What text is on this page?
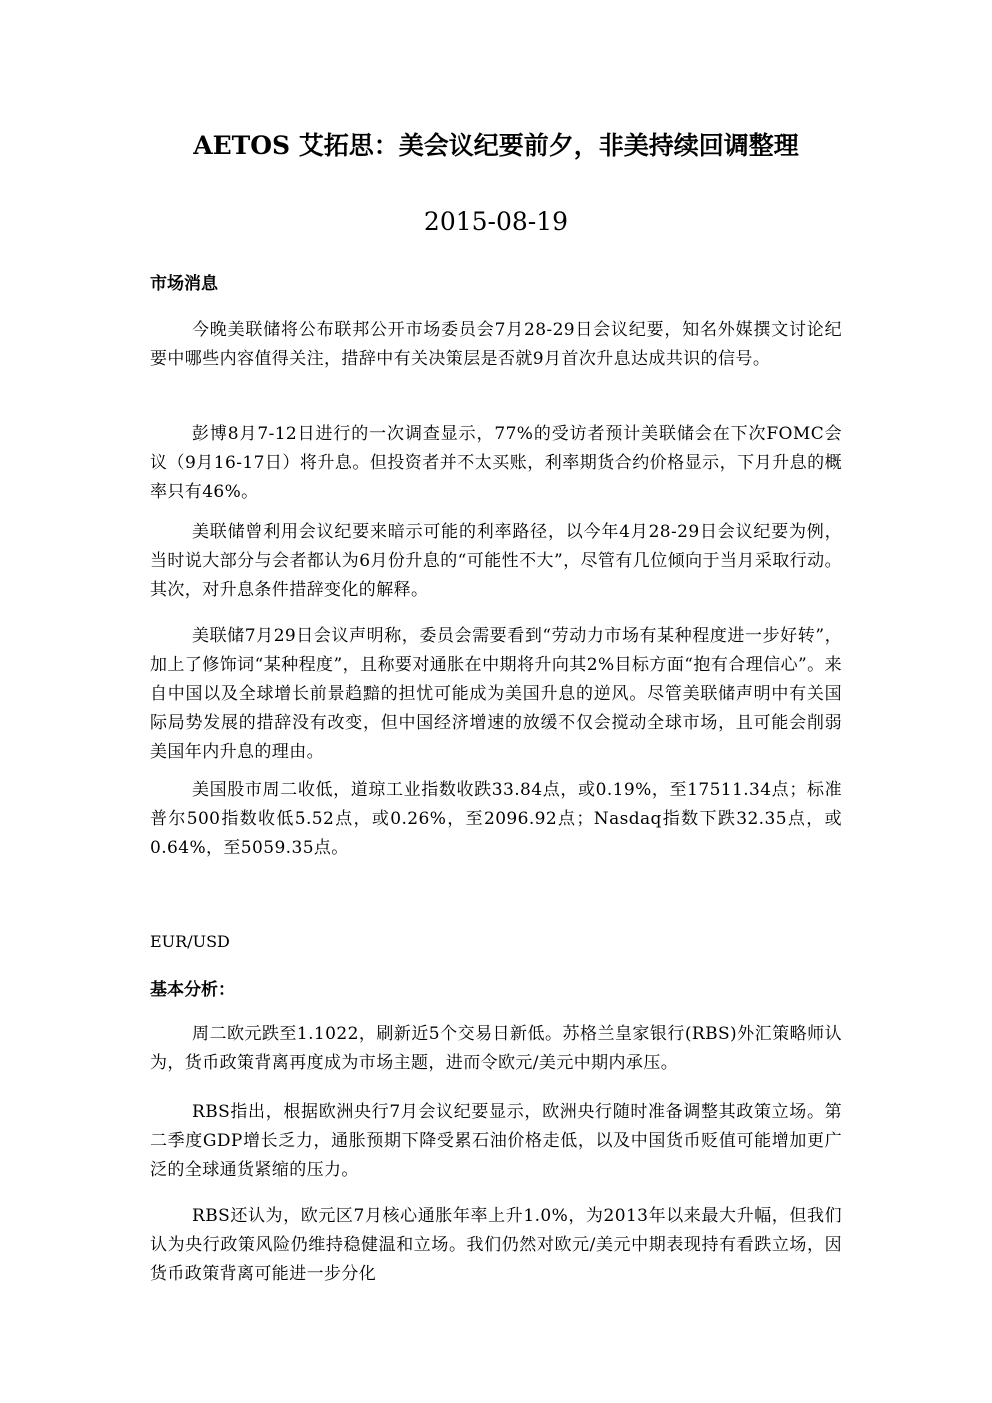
AETOS 艾拓思：美会议纪要前夕，非美持续回调整理
2015-08-19
市场消息

今晚美联储将公布联邦公开市场委员会7月28-29日会议纪要，知名外媒撰文讨论纪要中哪些内容值得关注，措辞中有关决策层是否就9月首次升息达成共识的信号。

彭博8月7-12日进行的一次调查显示，77%的受访者预计美联储会在下次FOMC会议（9月16-17日）将升息。但投资者并不太买账，利率期货合约价格显示，下月升息的概率只有46%。

美联储曾利用会议纪要来暗示可能的利率路径，以今年4月28-29日会议纪要为例，当时说大部分与会者都认为6月份升息的“可能性不大”，尽管有几位倾向于当月采取行动。其次，对升息条件措辞变化的解释。

美联储7月29日会议声明称，委员会需要看到“劳动力市场有某种程度进一步好转”，加上了修饰词“某种程度”，且称要对通胀在中期将升向其2%目标方面“抱有合理信心”。来自中国以及全球增长前景趋黯的担忧可能成为美国升息的逆风。尽管美联储声明中有关国际局势发展的措辞没有改变，但中国经济增速的放缓不仅会搅动全球市场，且可能会削弱美国年内升息的理由。

美国股市周二收低，道琼工业指数收跌33.84点，或0.19%，至17511.34点；标准普尔500指数收低5.52点，或0.26%，至2096.92点；Nasdaq指数下跌32.35点，或0.64%，至5059.35点。

EUR/USD
基本分析：

周二欧元跌至1.1022，刷新近5个交易日新低。苏格兰皇家银行(RBS)外汇策略师认为，货币政策背离再度成为市场主题，进而令欧元/美元中期内承压。

RBS指出，根据欧洲央行7月会议纪要显示，欧洲央行随时准备调整其政策立场。第二季度GDP增长乏力，通胀预期下降受累石油价格走低，以及中国货币贬值可能增加更广泛的全球通货紧缩的压力。

RBS还认为，欧元区7月核心通胀年率上升1.0%，为2013年以来最大升幅，但我们认为央行政策风险仍维持稳健温和立场。我们仍然对欧元/美元中期表现持有看跌立场，因货币政策背离可能进一步分化
